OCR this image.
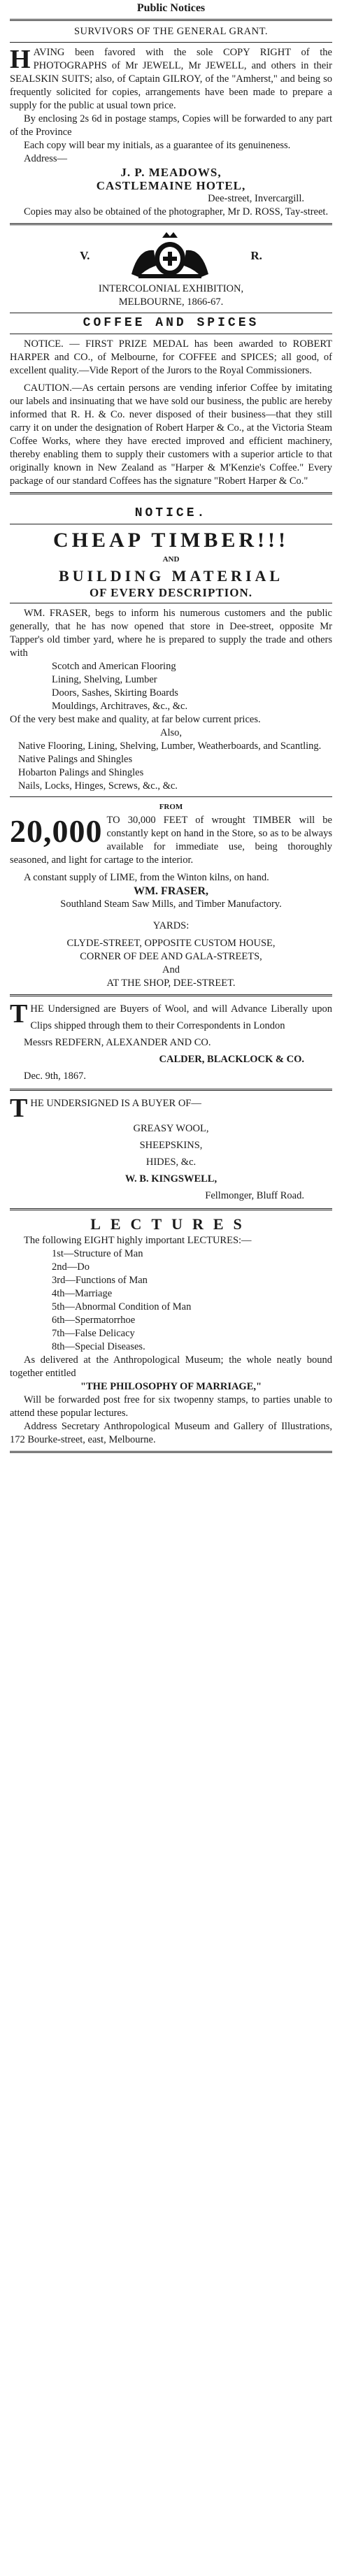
Public Notices

SURVIVORS OF THE GENERAL GRANT.

H AVING been favored with the sole COPY RIGHT of the PHOTOGRAPHS of Mr JEWELL, Mr JEWELL, and others in their SEALSKIN SUITS; also, of Captain GILROY, of the "Amherst," and being so frequently solicited for copies, arrangements have been made to prepare a supply for the public at usual town price.

By enclosing 2s 6d in postage stamps, Copies will be forwarded to any part of the Province

Each copy will bear my initials, as a guarantee of its genuineness.

Address—

J. P. MEADOWS,

CASTLEMAINE HOTEL,

Dee-street, Invercargill.

Copies may also be obtained of the photographer, Mr D. ROSS, Tay-street.

V.	R.

INTERCOLONIAL EXHIBITION,

MELBOURNE, 1866-67.

COFFEE AND SPICES

NOTICE. — FIRST PRIZE MEDAL has been awarded to ROBERT HARPER and CO., of Melbourne, for COFFEE and SPICES; all good, of excellent quality.—Vide Report of the Jurors to the Royal Commissioners.

CAUTION.—As certain persons are vending inferior Coffee by imitating our labels and insinuating that we have sold our business, the public are hereby informed that R. H. & Co. never disposed of their business—that they still carry it on under the designation of Robert Harper & Co., at the Victoria Steam Coffee Works, where they have erected improved and efficient machinery, thereby enabling them to supply their customers with a superior article to that originally known in New Zealand as "Harper & M'Kenzie's Coffee." Every package of our standard Coffees has the signature "Robert Harper & Co."

NOTICE.

CHEAP TIMBER!!!

AND

BUILDING MATERIAL

OF EVERY DESCRIPTION.

WM. FRASER, begs to inform his numerous customers and the public generally, that he has now opened that store in Dee-street, opposite Mr Tapper's old timber yard, where he is prepared to supply the trade and others with

Scotch and American Flooring

Lining, Shelving, Lumber

Doors, Sashes, Skirting Boards

Mouldings, Architraves, &c., &c.

Of the very best make and quality, at far below current prices.

Also,

Native Flooring, Lining, Shelving, Lumber, Weatherboards, and Scantling.

Native Palings and Shingles

Hobarton Palings and Shingles

Nails, Locks, Hinges, Screws, &c., &c.

FROM

20,000 TO 30,000 FEET of wrought TIMBER will be constantly kept on hand in the Store, so as to be always available for immediate use, being thoroughly seasoned, and light for cartage to the interior.

A constant supply of LIME, from the Winton kilns, on hand.

WM. FRASER,

Southland Steam Saw Mills, and Timber Manufactory.

YARDS:

CLYDE-STREET, OPPOSITE CUSTOM HOUSE,

CORNER OF DEE AND GALA-STREETS,

And

AT THE SHOP, DEE-STREET.

T HE Undersigned are Buyers of Wool, and will Advance Liberally upon Clips shipped through them to their Correspondents in London

Messrs REDFERN, ALEXANDER AND CO.

CALDER, BLACKLOCK & CO.

Dec. 9th, 1867.

T HE UNDERSIGNED IS A BUYER OF—

GREASY WOOL,

SHEEPSKINS,

HIDES, &c.

W. B. KINGSWELL,

Fellmonger, Bluff Road.

LECTURES

The following EIGHT highly important LECTURES:—

1st—Structure of Man

2nd—Do

3rd—Functions of Man

4th—Marriage

5th—Abnormal Condition of Man

6th—Spermatorrhoe

7th—False Delicacy

8th—Special Diseases.

As delivered at the Anthropological Museum; the whole neatly bound together entitled

"THE PHILOSOPHY OF MARRIAGE,"

Will be forwarded post free for six twopenny stamps, to parties unable to attend these popular lectures.

Address Secretary Anthropological Museum and Gallery of Illustrations, 172 Bourke-street, east, Melbourne.
